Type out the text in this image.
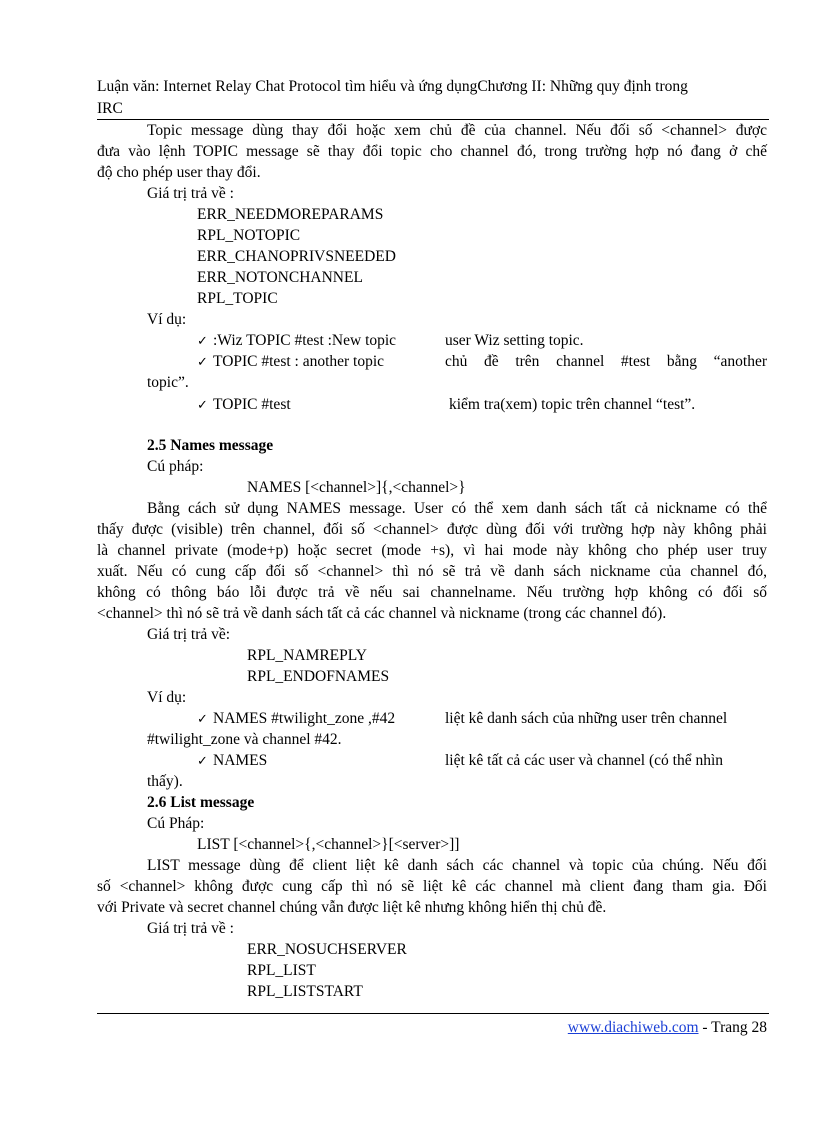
Luận văn: Internet Relay Chat Protocol tìm hiểu và ứng dụngChương II: Những quy định trong
IRC
Topic message dùng thay đổi hoặc xem chủ đề của channel. Nếu đối số <channel> được
đưa vào lệnh TOPIC message sẽ thay đổi topic cho channel đó, trong trường hợp nó đang ở chế
độ cho phép user thay đổi.
Giá trị trả về :
ERR_NEEDMOREPARAMS
RPL_NOTOPIC
ERR_CHANOPRIVSNEEDED
ERR_NOTONCHANNEL
RPL_TOPIC
Ví dụ:
✓ :Wiz TOPIC #test :New topic	user Wiz setting topic.
✓ TOPIC #test : another topic	chủ đề trên channel #test bằng “another
topic”.
✓ TOPIC #test	kiểm tra(xem) topic trên channel “test”.
2.5 Names message
Cú pháp:
NAMES [<channel>]{,<channel>}
Bằng cách sử dụng NAMES message. User có thể xem danh sách tất cả nickname có thể
thấy được (visible) trên channel, đối số <channel> được dùng đối với trường hợp này không phải
là channel private (mode+p) hoặc secret (mode +s), vì hai mode này không cho phép user truy
xuất. Nếu có cung cấp đối số <channel> thì nó sẽ trả về danh sách nickname của channel đó,
không có thông báo lỗi được trả về nếu sai channelname. Nếu trường hợp không có đối số
<channel> thì nó sẽ trả về danh sách tất cả các channel và nickname (trong các channel đó).
Giá trị trả về:
RPL_NAMREPLY
RPL_ENDOFNAMES
Ví dụ:
✓ NAMES #twilight_zone ,#42	liệt kê danh sách của những user trên channel
#twilight_zone và channel #42.
✓ NAMES	liệt kê tất cả các user và channel (có thể nhìn
thấy).
2.6 List message
Cú Pháp:
LIST [<channel>{,<channel>}[<server>]]
LIST message dùng để client liệt kê danh sách các channel và topic của chúng. Nếu đối
số <channel> không được cung cấp thì nó sẽ liệt kê các channel mà client đang tham gia. Đối
với Private và secret channel chúng vẫn được liệt kê nhưng không hiển thị chủ đề.
Giá trị trả về :
ERR_NOSUCHSERVER
RPL_LIST
RPL_LISTSTART
www.diachiweb.com - Trang 28
